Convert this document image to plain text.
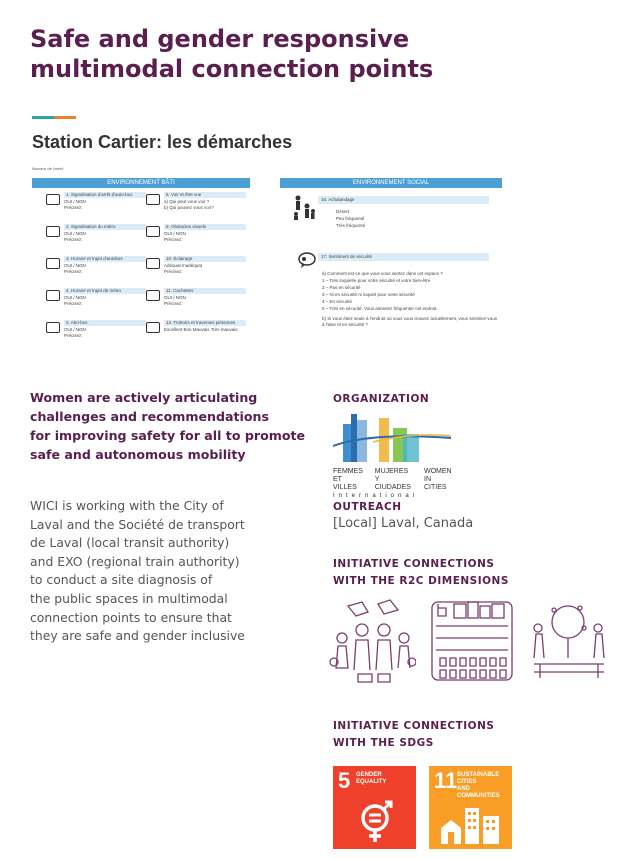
Safe and gender responsive
multimodal connection points
Station Cartier: les démarches
Numéro de l'arrêt:
ENVIRONNEMENT BÂTI
1. Signalisation d'arrêt d'auto-bus
OUI / NON
Précisez:
2. Signalisation du métro
OUI / NON
Précisez:
3. Horaire et trajet d'autobus
OUI / NON
Précisez:
4. Horaire et trajet de métro
OUI / NON
Précisez:
5. Abri-bus
OUI / NON
Précisez:
6. Voir et être vue
a) Qui peut vous voir ?
b) Qui pouvez vous voir?
9. Obstacles visuels
OUI / NON
Précisez:
10. Éclairage
Adéquat Inadéquat
Précisez:
11. Cachettes
OUI / NON
Précisez:
13. Trottoirs et traverses piétonnes
Excellent Bon Mauvais Très mauvais
ENVIRONNEMENT SOCIAL
16. Achalandage
Désert
Peu fréquenté
Très fréquenté
17. Sentiment de sécurité
a) Comment est-ce que vous vous sentez dans cet espace ?
1 – Très inquiet/e pour votre sécurité et votre bien-être
2 – Pas en sécurité
3 – Ni en sécurité ni inquiet pour votre sécurité
4 – En sécurité
5 – Très en sécurité. Vous aimeriez fréquenter cet endroit.
b) Si vous étiez seule à l'endroit où vous vous trouvez actuellement, vous sentiriez-vous à l'aise et en sécurité ?

Women are actively articulating
challenges and recommendations
for improving safety for all to promote
safe and autonomous mobility

WICI is working with the City of
Laval and the Société de transport
de Laval (local transit authority)
and EXO (regional train authority)
to conduct a site diagnosis of
the public spaces in multimodal
connection points to ensure that
they are safe and gender inclusive

ORGANIZATION
FEMMES
ET VILLES
MUJERES
Y CIUDADES
WOMEN
IN CITIES
International
OUTREACH
[Local] Laval, Canada
INITIATIVE CONNECTIONS
WITH THE R2C DIMENSIONS
INITIATIVE CONNECTIONS
WITH THE SDGS
5 GENDER
EQUALITY 11 SUSTAINABLE CITIES
AND COMMUNITIES
